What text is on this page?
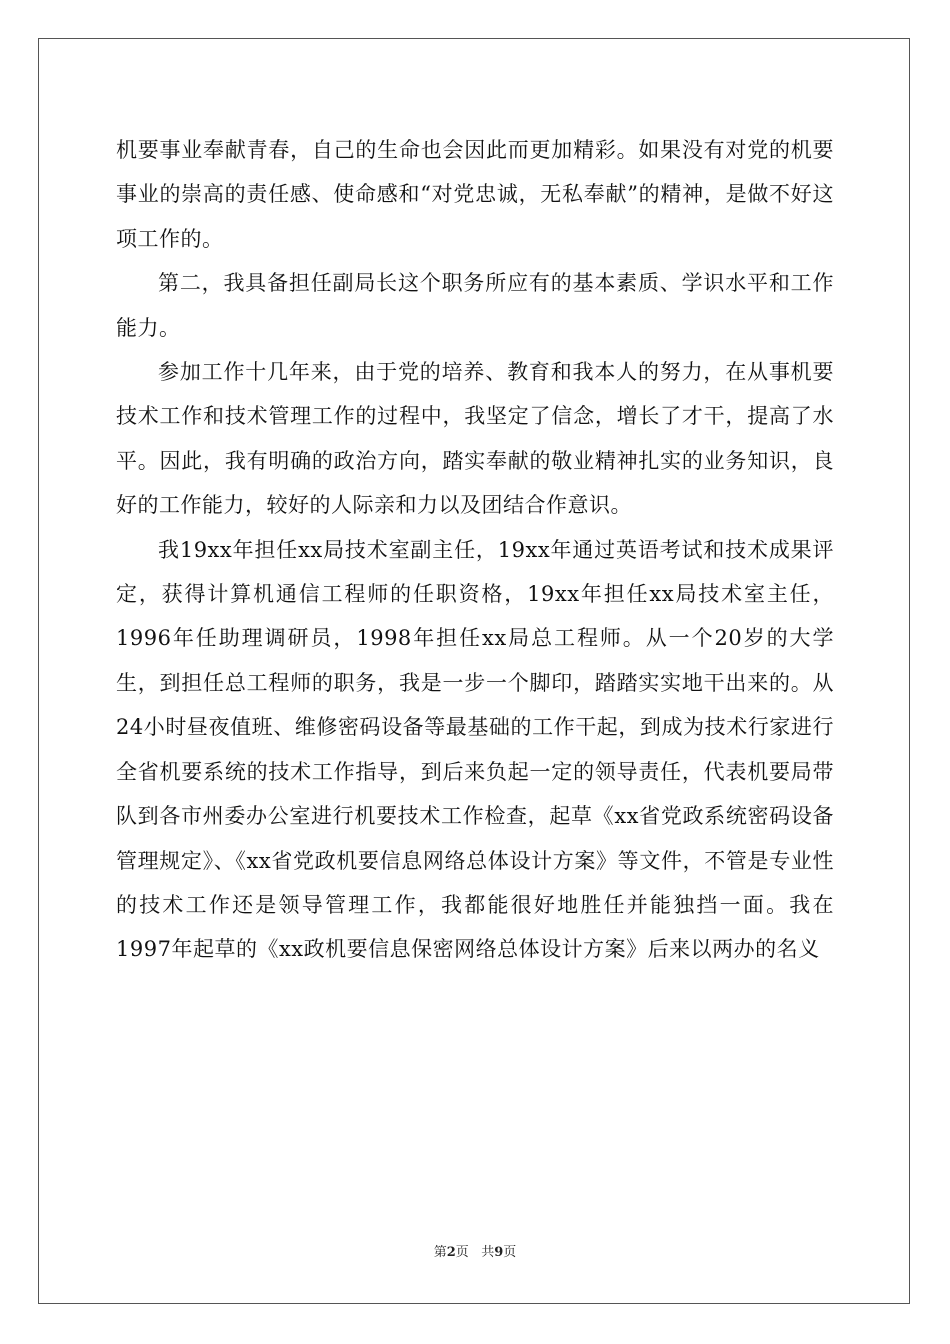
机要事业奉献青春，自己的生命也会因此而更加精彩。如果没有对党的机要事业的崇高的责任感、使命感和“对党忠诚，无私奉献”的精神，是做不好这项工作的。

第二，我具备担任副局长这个职务所应有的基本素质、学识水平和工作能力。

参加工作十几年来，由于党的培养、教育和我本人的努力，在从事机要技术工作和技术管理工作的过程中，我坚定了信念，增长了才干，提高了水平。因此，我有明确的政治方向，踏实奉献的敬业精神扎实的业务知识，良好的工作能力，较好的人际亲和力以及团结合作意识。

我19xx年担任xx局技术室副主任，19xx年通过英语考试和技术成果评定，获得计算机通信工程师的任职资格，19xx年担任xx局技术室主任，1996年任助理调研员，1998年担任xx局总工程师。从一个20岁的大学生，到担任总工程师的职务，我是一步一个脚印，踏踏实实地干出来的。从24小时昼夜值班、维修密码设备等最基础的工作干起，到成为技术行家进行全省机要系统的技术工作指导，到后来负起一定的领导责任，代表机要局带队到各市州委办公室进行机要技术工作检查，起草《xx省党政系统密码设备管理规定》、《xx省党政机要信息网络总体设计方案》等文件，不管是专业性的技术工作还是领导管理工作，我都能很好地胜任并能独挡一面。我在1997年起草的《xx政机要信息保密网络总体设计方案》后来以两办的名义

第2页 共9页
